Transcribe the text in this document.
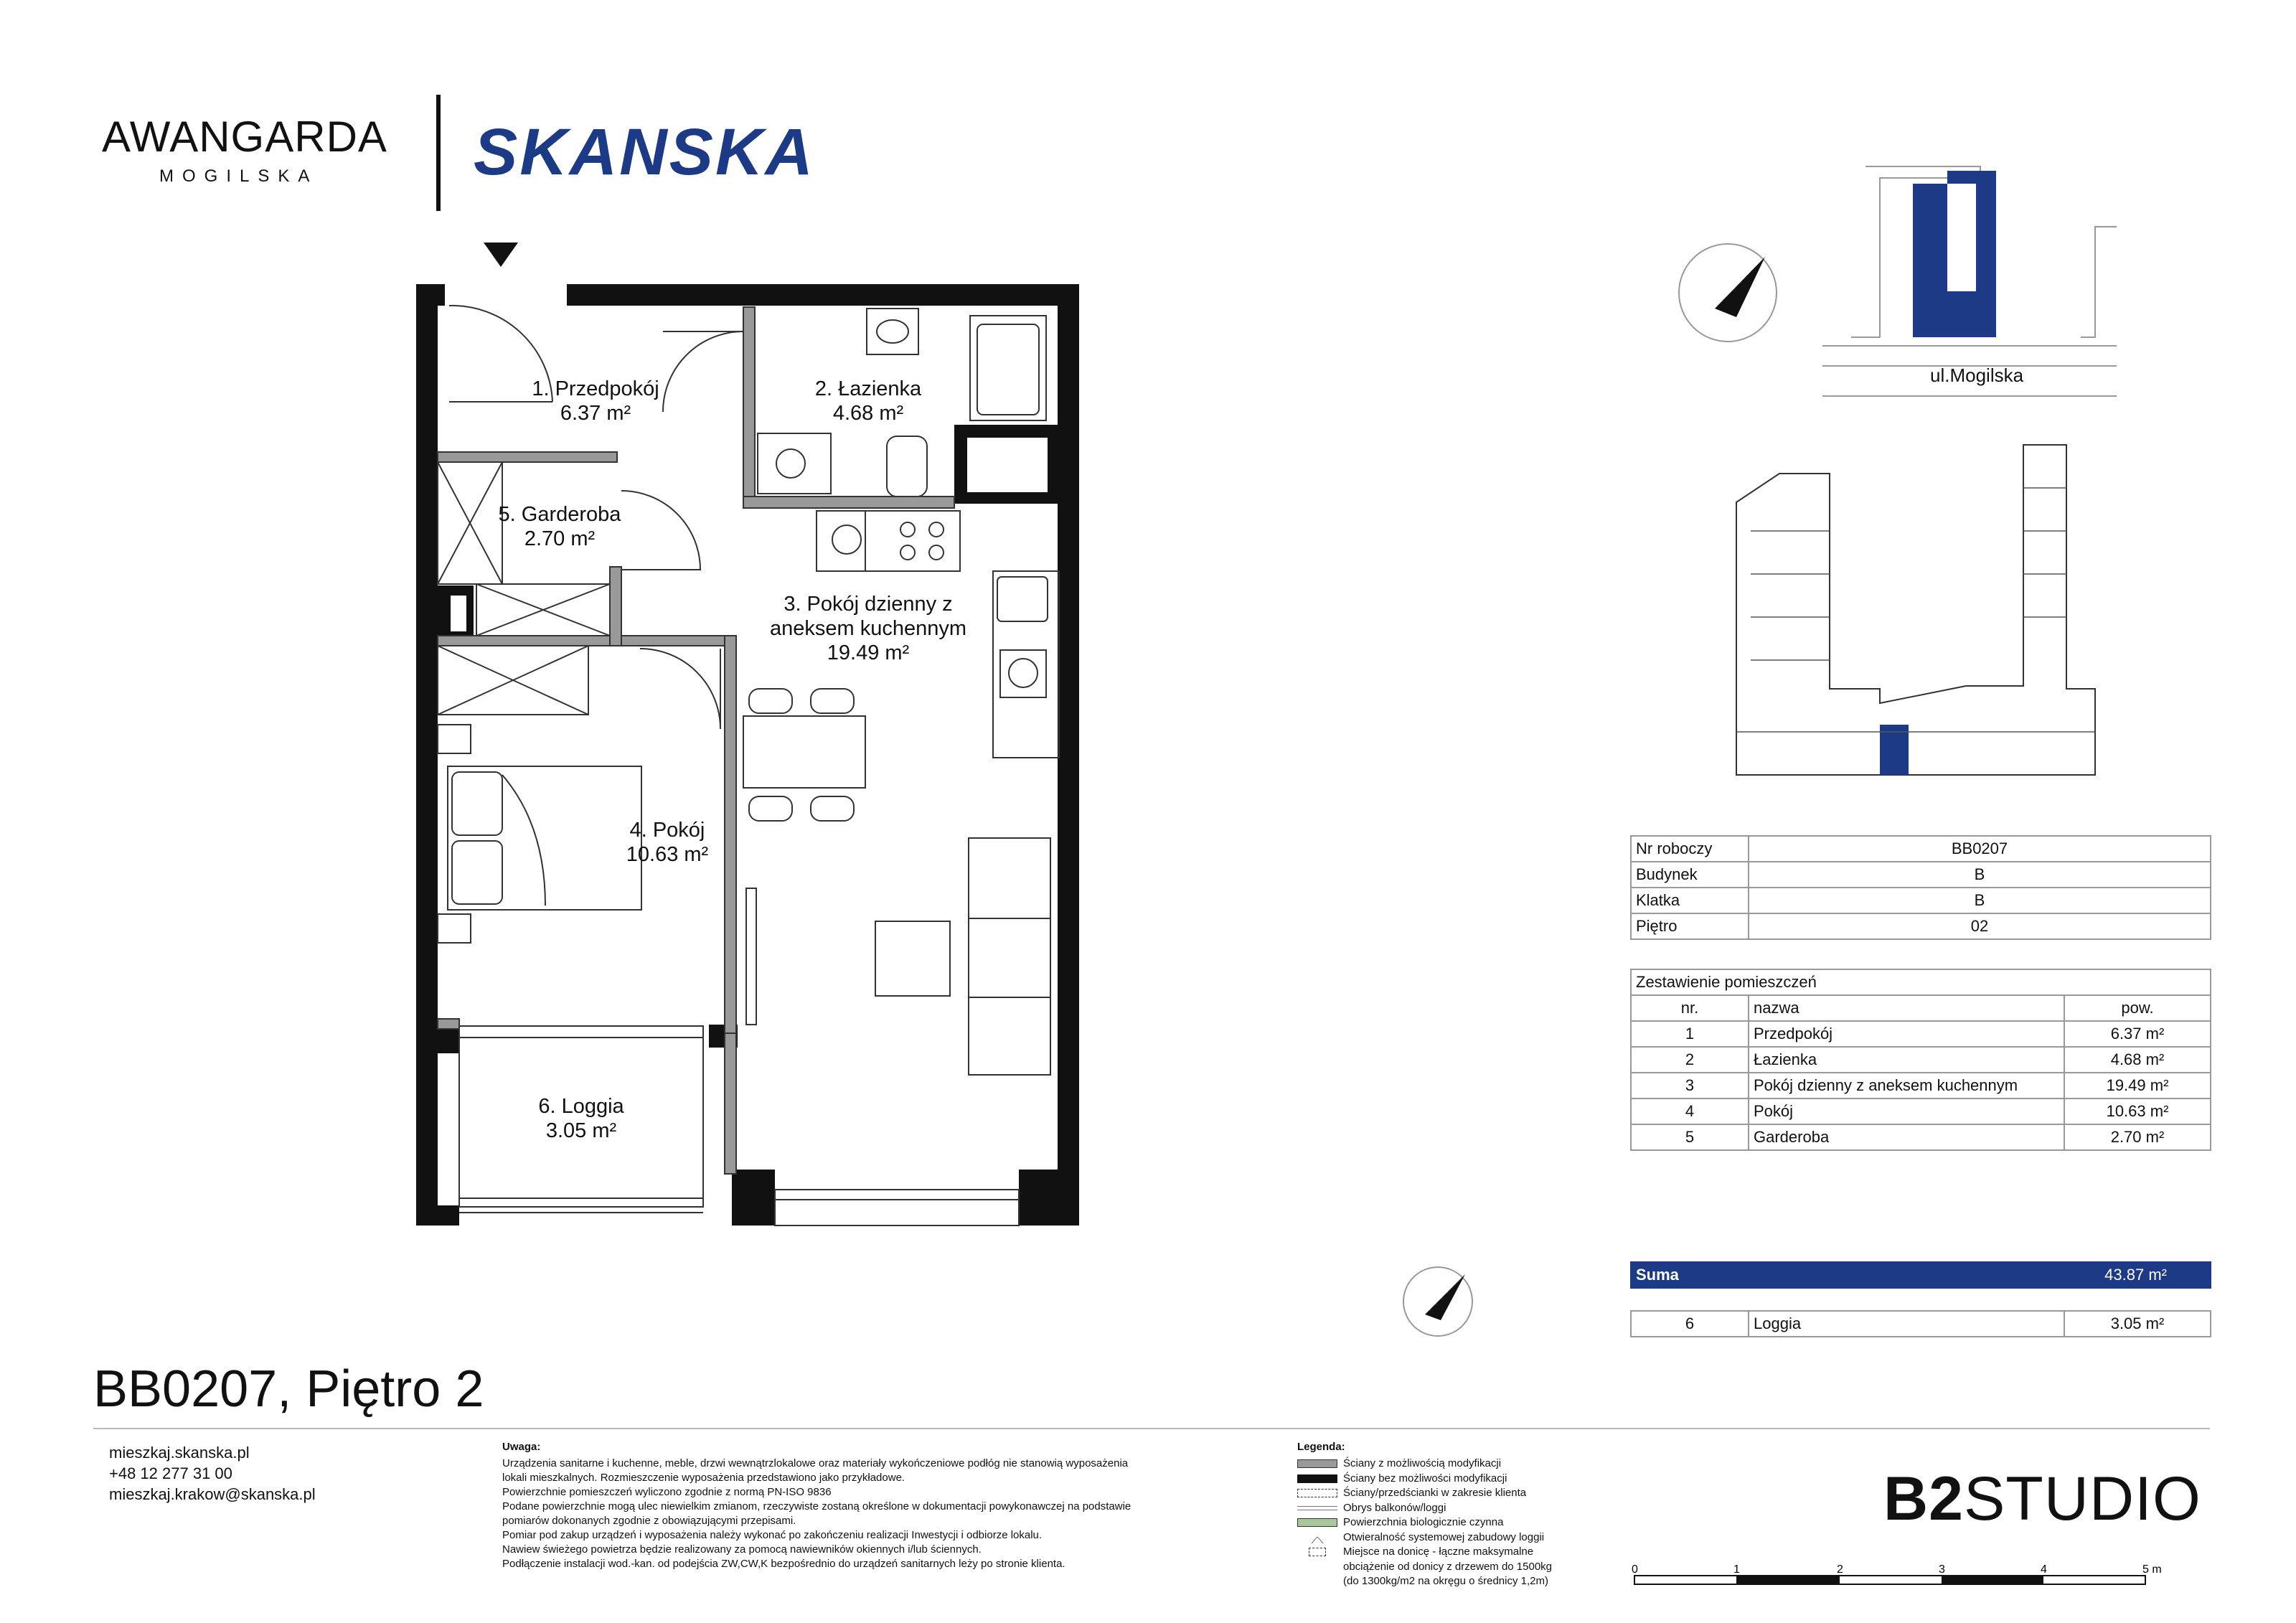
AWANGARDA
MOGILSKA SKANSKA
1. Przedpokój
6.37 m²
2. Łazienka
4.68 m²
3. Pokój dzienny z
aneksem kuchennym
19.49 m²
4. Pokój
10.63 m²
5. Garderoba
2.70 m²
6. Loggia
3.05 m²
ul.Mogilska
Nr roboczy	BB0207
Budynek	B
Klatka	B
Piętro	02
Zestawienie pomieszczeń		
nr.	nazwa	pow.
1	Przedpokój	6.37 m²
2	Łazienka	4.68 m²
3	Pokój dzienny z aneksem kuchennym	19.49 m²
4	Pokój	10.63 m²
5	Garderoba	2.70 m²
Suma	43.87 m²
6	Loggia	3.05 m²
BB0207, Piętro 2
mieszkaj.skanska.pl
+48 12 277 31 00
mieszkaj.krakow@skanska.pl
Uwaga:
Urządzenia sanitarne i kuchenne, meble, drzwi wewnątrzlokalowe oraz materiały wykończeniowe podłóg nie stanowią wyposażenia
lokali mieszkalnych. Rozmieszczenie wyposażenia przedstawiono jako przykładowe.
Powierzchnie pomieszczeń wyliczono zgodnie z normą PN-ISO 9836
Podane powierzchnie mogą ulec niewielkim zmianom, rzeczywiste zostaną określone w dokumentacji powykonawczej na podstawie
pomiarów dokonanych zgodnie z obowiązującymi przepisami.
Pomiar pod zakup urządzeń i wyposażenia należy wykonać po zakończeniu realizacji Inwestycji i odbiorze lokalu.
Nawiew świeżego powietrza będzie realizowany za pomocą nawiewników okiennych i/lub ściennych.
Podłączenie instalacji wod.-kan. od podejścia ZW,CW,K bezpośrednio do urządzeń sanitarnych leży po stronie klienta.
Legenda:
Ściany z możliwością modyfikacji
Ściany bez możliwości modyfikacji
Ściany/przedścianki w zakresie klienta
Obrys balkonów/loggi
Powierzchnia biologicznie czynna
⟋⟍	Otwieralność systemowej zabudowy loggii
Miejsce na donicę - łączne maksymalne
obciążenie od donicy z drzewem do 1500kg
(do 1300kg/m2 na okręgu o średnicy 1,2m)
0	1	2	3	4	5 m
B2STUDIO
